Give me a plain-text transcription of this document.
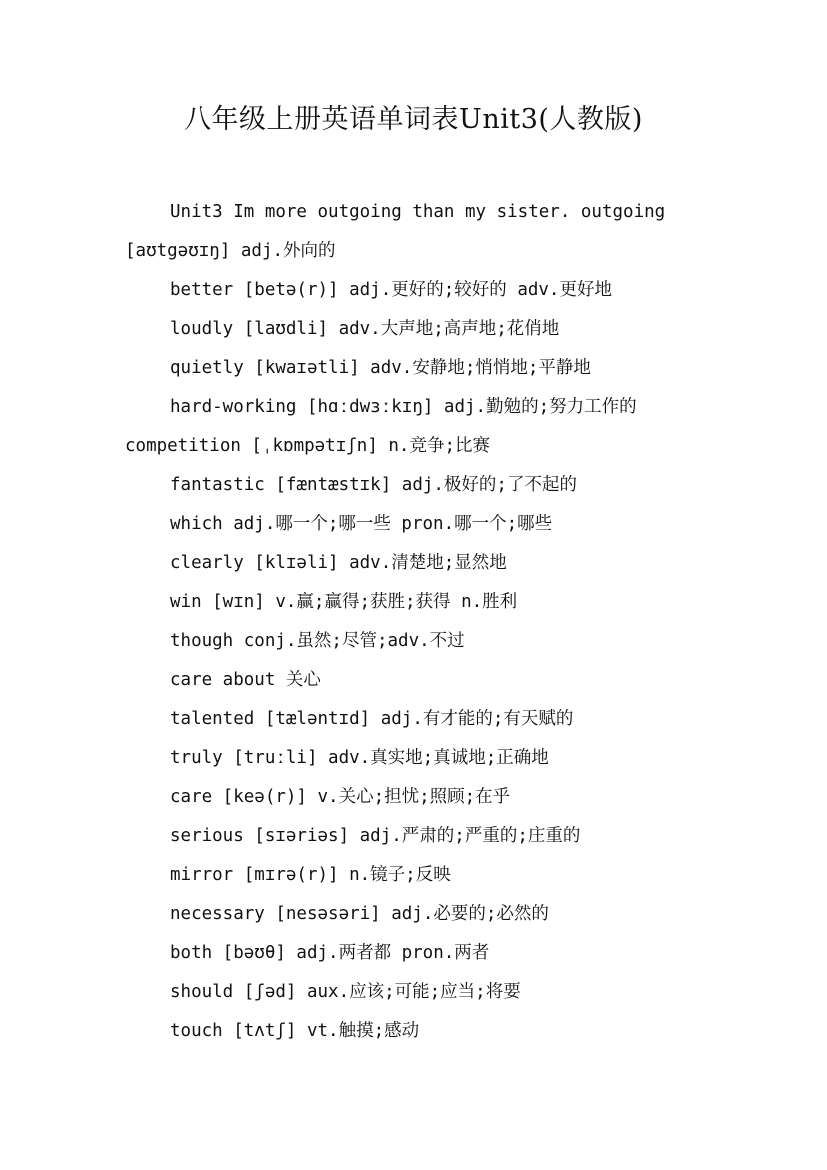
八年级上册英语单词表Unit3(人教版)

Unit3 Im more outgoing than my sister. outgoing [aʊtgəʊɪŋ] adj.外向的

better [betə(r)] adj.更好的;较好的 adv.更好地

loudly [laʊdli] adv.大声地;高声地;花俏地

quietly [kwaɪətli] adv.安静地;悄悄地;平静地

hard-working [hɑːdwɜːkɪŋ] adj.勤勉的;努力工作的 competition [ˌkɒmpətɪʃn] n.竞争;比赛

fantastic [fæntæstɪk] adj.极好的;了不起的

which adj.哪一个;哪一些 pron.哪一个;哪些

clearly [klɪəli] adv.清楚地;显然地

win [wɪn] v.赢;赢得;获胜;获得 n.胜利

though conj.虽然;尽管;adv.不过

care about 关心

talented [tæləntɪd] adj.有才能的;有天赋的

truly [truːli] adv.真实地;真诚地;正确地

care [keə(r)] v.关心;担忧;照顾;在乎

serious [sɪəriəs] adj.严肃的;严重的;庄重的

mirror [mɪrə(r)] n.镜子;反映

necessary [nesəsəri] adj.必要的;必然的

both [bəʊθ] adj.两者都 pron.两者

should [ʃəd] aux.应该;可能;应当;将要

touch [tʌtʃ] vt.触摸;感动
